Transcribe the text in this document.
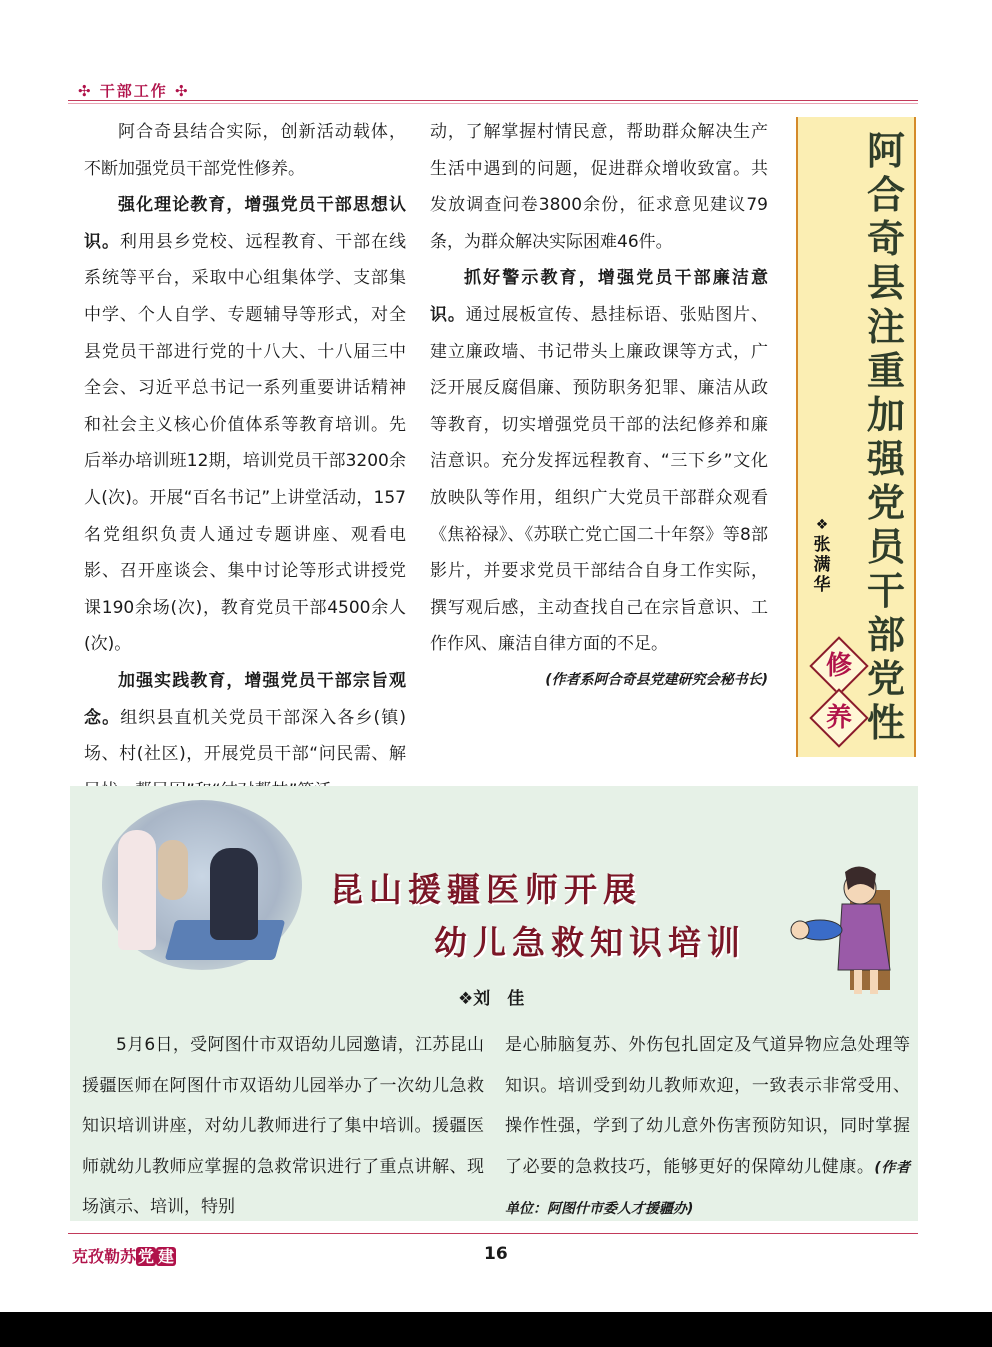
✣ 干部工作 ✣

阿合奇县结合实际，创新活动载体，不断加强党员干部党性修养。

强化理论教育，增强党员干部思想认识。利用县乡党校、远程教育、干部在线系统等平台，采取中心组集体学、支部集中学、个人自学、专题辅导等形式，对全县党员干部进行党的十八大、十八届三中全会、习近平总书记一系列重要讲话精神和社会主义核心价值体系等教育培训。先后举办培训班12期，培训党员干部3200余人(次)。开展“百名书记”上讲堂活动，157名党组织负责人通过专题讲座、观看电影、召开座谈会、集中讨论等形式讲授党课190余场(次)，教育党员干部4500余人(次)。

加强实践教育，增强党员干部宗旨观念。组织县直机关党员干部深入各乡(镇)场、村(社区)，开展党员干部“问民需、解

动，了解掌握村情民意，帮助群众解决生产生活中遇到的问题，促进群众增收致富。共发放调查问卷3800余份，征求意见建议79条，为群众解决实际困难46件。

抓好警示教育，增强党员干部廉洁意识。通过展板宣传、悬挂标语、张贴图片、建立廉政墙、书记带头上廉政课等方式，广泛开展反腐倡廉、预防职务犯罪、廉洁从政等教育，切实增强党员干部的法纪修养和廉洁意识。充分发挥远程教育、“三下乡”文化放映队等作用，组织广大党员干部群众观看《焦裕禄》、《苏联亡党亡国二十年祭》等8部影片，并要求党员干部结合自身工作实际，撰写观后感，主动查找自己在宗旨意识、工作作风、廉洁自律方面的不足。

(作者系阿合奇县党建研究会秘书长)

阿
合
奇
县
注
重
加
强
党
员
干
部
党
性
❖
张满华
修
养
昆山援疆医师开展
幼儿急救知识培训
❖刘　佳

5月6日，受阿图什市双语幼儿园邀请，江苏昆山援疆医师在阿图什市双语幼儿园举办了一次幼儿急救知识培训讲座，对幼儿教师进行了集中培训。援疆医师就幼儿教师应掌握的急救常识进行了重点讲解、现场演示、培训，特别

是心肺脑复苏、外伤包扎固定及气道异物应急处理等知识。培训受到幼儿教师欢迎，一致表示非常受用、操作性强，学到了幼儿意外伤害预防知识，同时掌握了必要的急救技巧，能够更好的保障幼儿健康。(作者单位：阿图什市委人才援疆办)

克孜勒苏 党 建	16
